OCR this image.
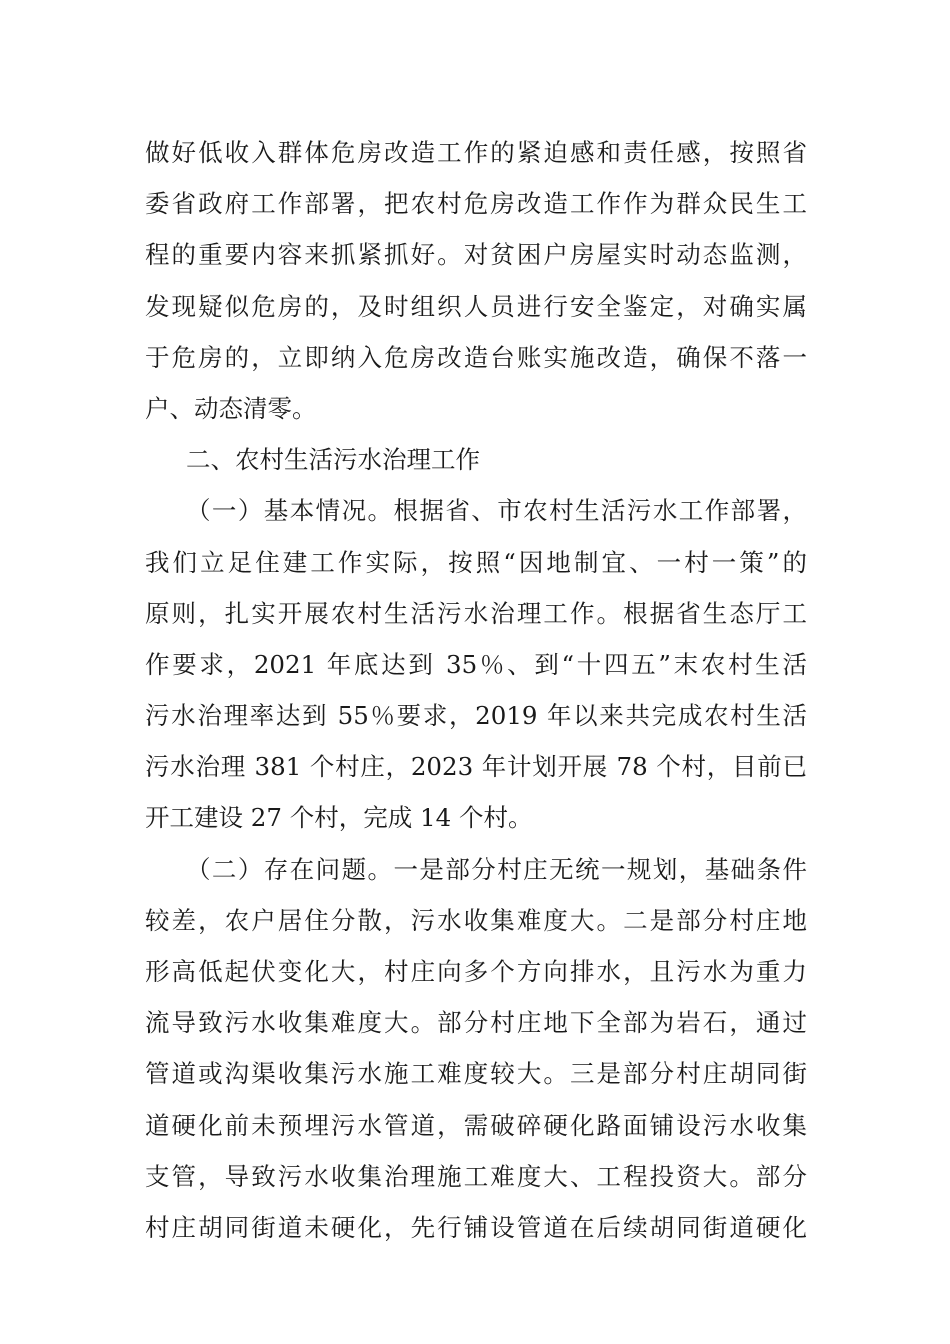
做好低收入群体危房改造工作的紧迫感和责任感，按照省
委省政府工作部署，把农村危房改造工作作为群众民生工
程的重要内容来抓紧抓好。对贫困户房屋实时动态监测，
发现疑似危房的，及时组织人员进行安全鉴定，对确实属
于危房的，立即纳入危房改造台账实施改造，确保不落一
户、动态清零。
二、农村生活污水治理工作
（一）基本情况。根据省、市农村生活污水工作部署，
我们立足住建工作实际，按照“因地制宜、一村一策”的
原则，扎实开展农村生活污水治理工作。根据省生态厅工
作要求，2021 年底达到 35％、到“十四五”末农村生活
污水治理率达到 55％要求，2019 年以来共完成农村生活
污水治理 381 个村庄，2023 年计划开展 78 个村，目前已
开工建设 27 个村，完成 14 个村。
（二）存在问题。一是部分村庄无统一规划，基础条件
较差，农户居住分散，污水收集难度大。二是部分村庄地
形高低起伏变化大，村庄向多个方向排水，且污水为重力
流导致污水收集难度大。部分村庄地下全部为岩石，通过
管道或沟渠收集污水施工难度较大。三是部分村庄胡同街
道硬化前未预埋污水管道，需破碎硬化路面铺设污水收集
支管，导致污水收集治理施工难度大、工程投资大。部分
村庄胡同街道未硬化，先行铺设管道在后续胡同街道硬化
